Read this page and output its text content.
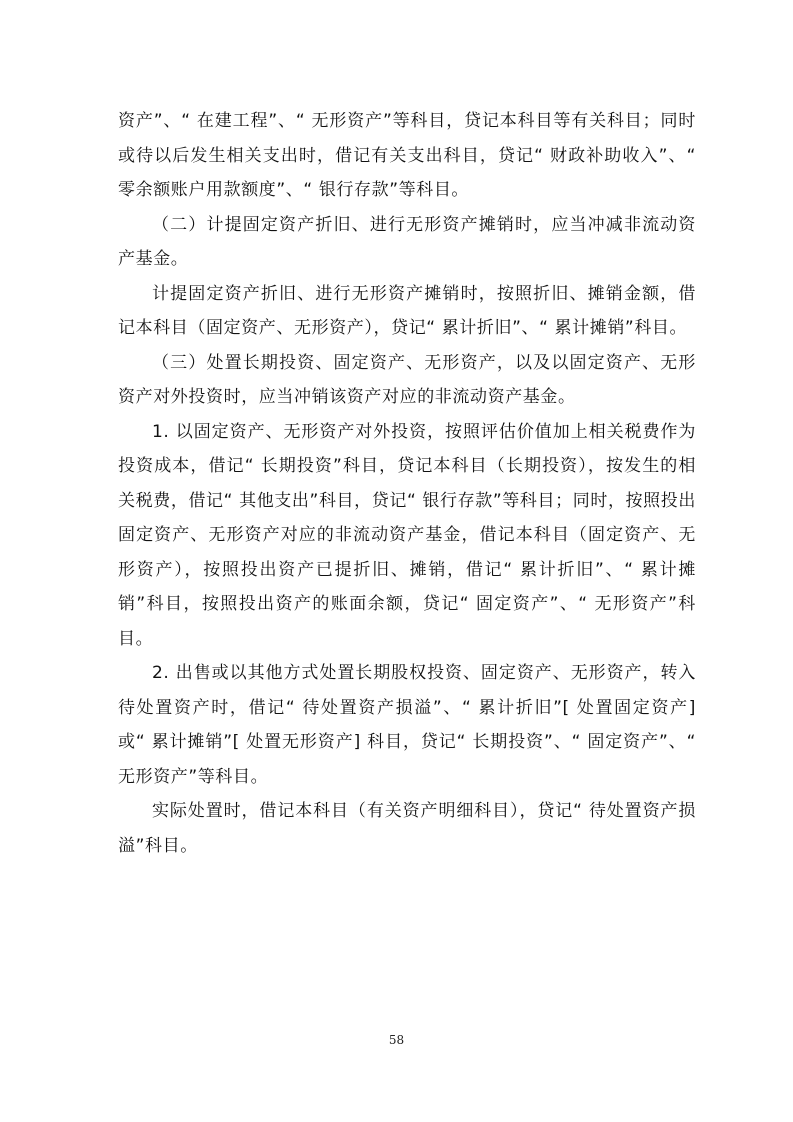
资产”、“ 在建工程”、“ 无形资产”等科目，贷记本科目等有关科目；同时或待以后发生相关支出时，借记有关支出科目，贷记“ 财政补助收入”、“ 零余额账户用款额度”、“ 银行存款”等科目。

（二）计提固定资产折旧、进行无形资产摊销时，应当冲减非流动资产基金。

计提固定资产折旧、进行无形资产摊销时，按照折旧、摊销金额，借记本科目（固定资产、无形资产），贷记“ 累计折旧”、“ 累计摊销”科目。

（三）处置长期投资、固定资产、无形资产，以及以固定资产、无形资产对外投资时，应当冲销该资产对应的非流动资产基金。

1. 以固定资产、无形资产对外投资，按照评估价值加上相关税费作为投资成本，借记“ 长期投资”科目，贷记本科目（长期投资），按发生的相关税费，借记“ 其他支出”科目，贷记“ 银行存款”等科目；同时，按照投出固定资产、无形资产对应的非流动资产基金，借记本科目（固定资产、无形资产），按照投出资产已提折旧、摊销，借记“ 累计折旧”、“ 累计摊销”科目，按照投出资产的账面余额，贷记“ 固定资产”、“ 无形资产”科目。

2. 出售或以其他方式处置长期股权投资、固定资产、无形资产，转入待处置资产时，借记“ 待处置资产损溢”、“ 累计折旧”[ 处置固定资产] 或“ 累计摊销”[ 处置无形资产] 科目，贷记“ 长期投资”、“ 固定资产”、“ 无形资产”等科目。

实际处置时，借记本科目（有关资产明细科目），贷记“ 待处置资产损溢”科目。

58
